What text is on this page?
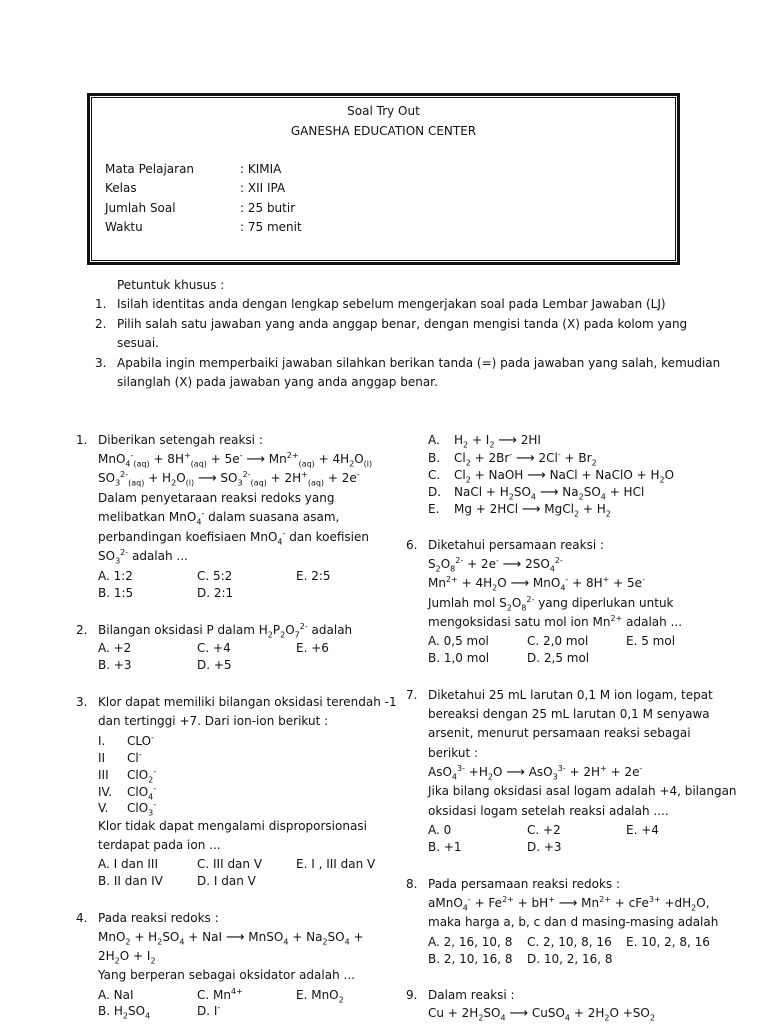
Soal Try Out
GANESHA EDUCATION CENTER
Mata Pelajaran	: KIMIA
Kelas	: XII IPA
Jumlah Soal	: 25 butir
Waktu	: 75 menit
Petuntuk khusus :
1. Isilah identitas anda dengan lengkap sebelum mengerjakan soal pada Lembar Jawaban (LJ)
2. Pilih salah satu jawaban yang anda anggap benar, dengan mengisi tanda (X) pada kolom yang
sesuai.
3. Apabila ingin memperbaiki jawaban silahkan berikan tanda (=) pada jawaban yang salah, kemudian
silanglah (X) pada jawaban yang anda anggap benar.
1. Diberikan setengah reaksi :
$MnO_4^-_{(aq)} + 8H^+_{(aq)} + 5e^-$ ⟶ $Mn^{2+}_{(aq)} + 4H_2O_{(l)}$
$SO_3^{2-}_{(aq)} + H_2O_{(l)}$ ⟶ $SO_3^{2-}_{(aq)} + 2H^+_{(aq)} + 2e^-$
Dalam penyetaraan reaksi redoks yang
melibatkan MnO$_4$- dalam suasana asam,
perbandingan koefisiaen MnO$_4$- dan koefisien
$SO_3^{2-}$ adalah ...
A. 1:2
B. 1:5
C. 5:2
D. 2:1
E. 2:5
2. Bilangan oksidasi P dalam $H_2P_2O_7^{2-}$ adalah
A. +2
B. +3
C. +4
D. +5
E. +6
3. Klor dapat memiliki bilangan oksidasi terendah -1
dan tertinggi +7. Dari ion-ion berikut :
I. CLO-
II Cl-
III ClO$_2$-
IV. ClO$_4$-
V. ClO$_3$-
Klor tidak dapat mengalami disproporsionasi
terdapat pada ion ...
A. I dan III
B. II dan IV
C. III dan V
D. I dan V
E. I , III dan V
4. Pada reaksi redoks :
$MnO_2 + H_2SO_4$ + NaI ⟶ MnSO$_4$ + $Na_2SO_4$ +
$2H_2O + I_2$
Yang berperan sebagai oksidator adalah ...
A. NaI
B. $H_2SO_4$
C. $Mn^{4+}$
D. I-
E. MnO$_2$
A. $H_2 + I_2$ ⟶ 2HI
B. $Cl_2 + 2Br^-$ ⟶ $2Cl^- + Br_2$
C. $Cl_2$ + NaOH ⟶ NaCl + NaClO + $H_2O$
D. NaCl + $H_2SO_4$ ⟶ $Na_2SO_4$ + HCl
E. Mg + 2HCl ⟶ MgCl$_2$ + $H_2$
6. Diketahui persamaan reaksi :
$S_2O_8^{2-} + 2e^-$ ⟶ $2SO_4^{2-}$
$Mn^{2+} + 4H_2O$ ⟶ MnO$_4$- + 8H+ + 5e-
Jumlah mol $S_2O_8^{2-}$ yang diperlukan untuk
mengoksidasi satu mol ion $Mn^{2+}$ adalah ...
A. 0,5 mol
B. 1,0 mol
C. 2,0 mol
D. 2,5 mol
E. 5 mol
7. Diketahui 25 mL larutan 0,1 M ion logam, tepat
bereaksi dengan 25 mL larutan 0,1 M senyawa
arsenit, menurut persamaan reaksi sebagai
berikut :
$AsO_4^{3-} +H_2O$ ⟶ AsO$_3^{3-}$ + 2H+ + 2e-
Jika bilang oksidasi asal logam adalah +4, bilangan
oksidasi logam setelah reaksi adalah ....
A. 0
B. +1
C. +2
D. +3
E. +4
8. Pada persamaan reaksi redoks :
aMnO$_4$- + $Fe^{2+} + bH^+$ ⟶ $Mn^{2+} + cFe^{3+} +dH_2O$,
maka harga a, b, c dan d masing-masing adalah
A. 2, 16, 10, 8
B. 2, 10, 16, 8
C. 2, 10, 8, 16
D. 10, 2, 16, 8
E. 10, 2, 8, 16
9. Dalam reaksi :
$Cu + 2H_2SO_4$ ⟶ CuSO$_4$ + $2H_2O +SO_2$
